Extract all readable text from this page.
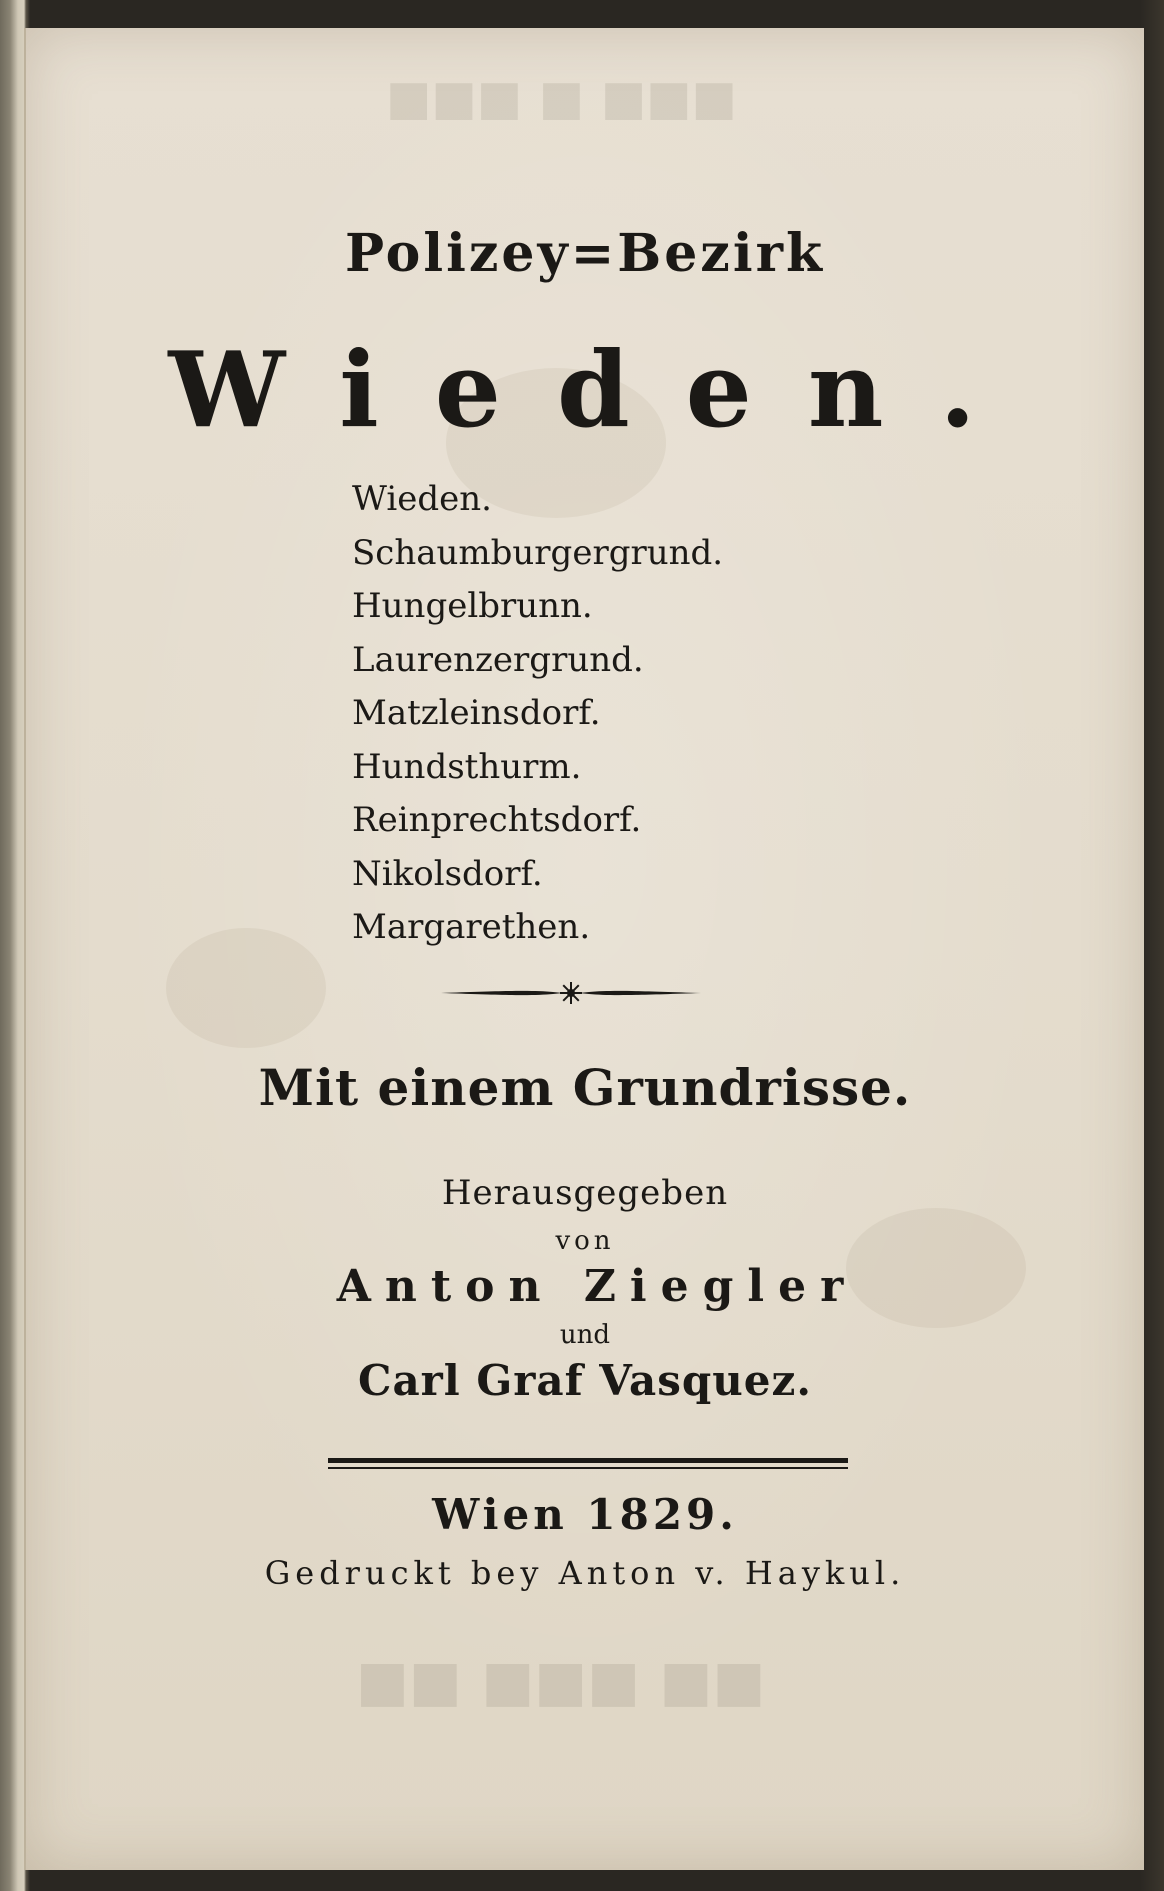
■■■ ■ ■■■
■■ ■■■ ■■
Polizey=Bezirk
Wieden.
Wieden.
Schaumburgergrund.
Hungelbrunn.
Laurenzergrund.
Matzleinsdorf.
Hundsthurm.
Reinprechtsdorf.
Nikolsdorf.
Margarethen.
Mit einem Grundrisse.
Herausgegeben
von
Anton Ziegler
und
Carl Graf Vasquez.
Wien 1829.
Gedruckt bey Anton v. Haykul.
